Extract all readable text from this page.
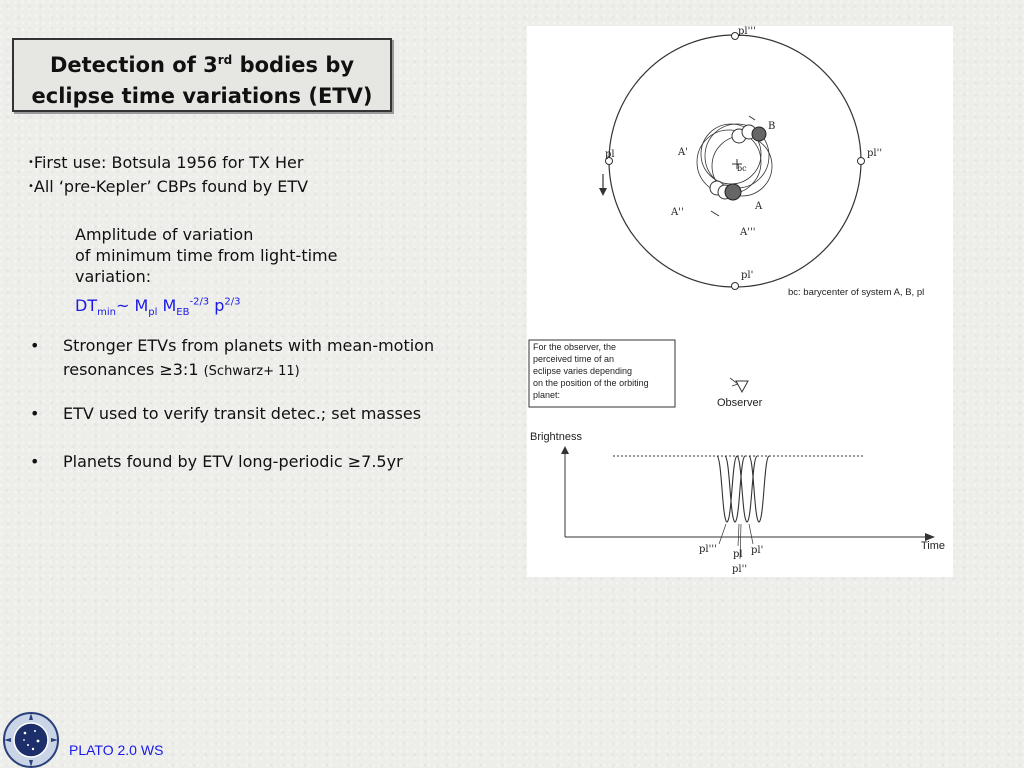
Detection of 3rd bodies by
eclipse time variations (ETV)
•First use: Botsula 1956 for TX Her
•All ‘pre-Kepler’ CBPs found by ETV
Amplitude of variation
of minimum time from light-time
variation:
$DT_{min}\sim$ $M_{pl}$ $M_{EB}^{-2/3}$ $p^{2/3}$
• Stronger ETVs from planets with mean-motion resonances ≥3:1 (Schwarz+ 11)
• ETV used to verify transit detec.; set masses
• Planets found by ETV long-periodic ≥7.5yr
pl'''
pl	pl''
pl'
B
A'
A''
A
A'''
bc
bc: barycenter of system A, B, pl
For the observer, the
perceived time of an
eclipse varies depending
on the position of the orbiting
planet:
Observer
Brightness
Time
pl''' pl pl'
pl''
PLATO 2.0 WS
